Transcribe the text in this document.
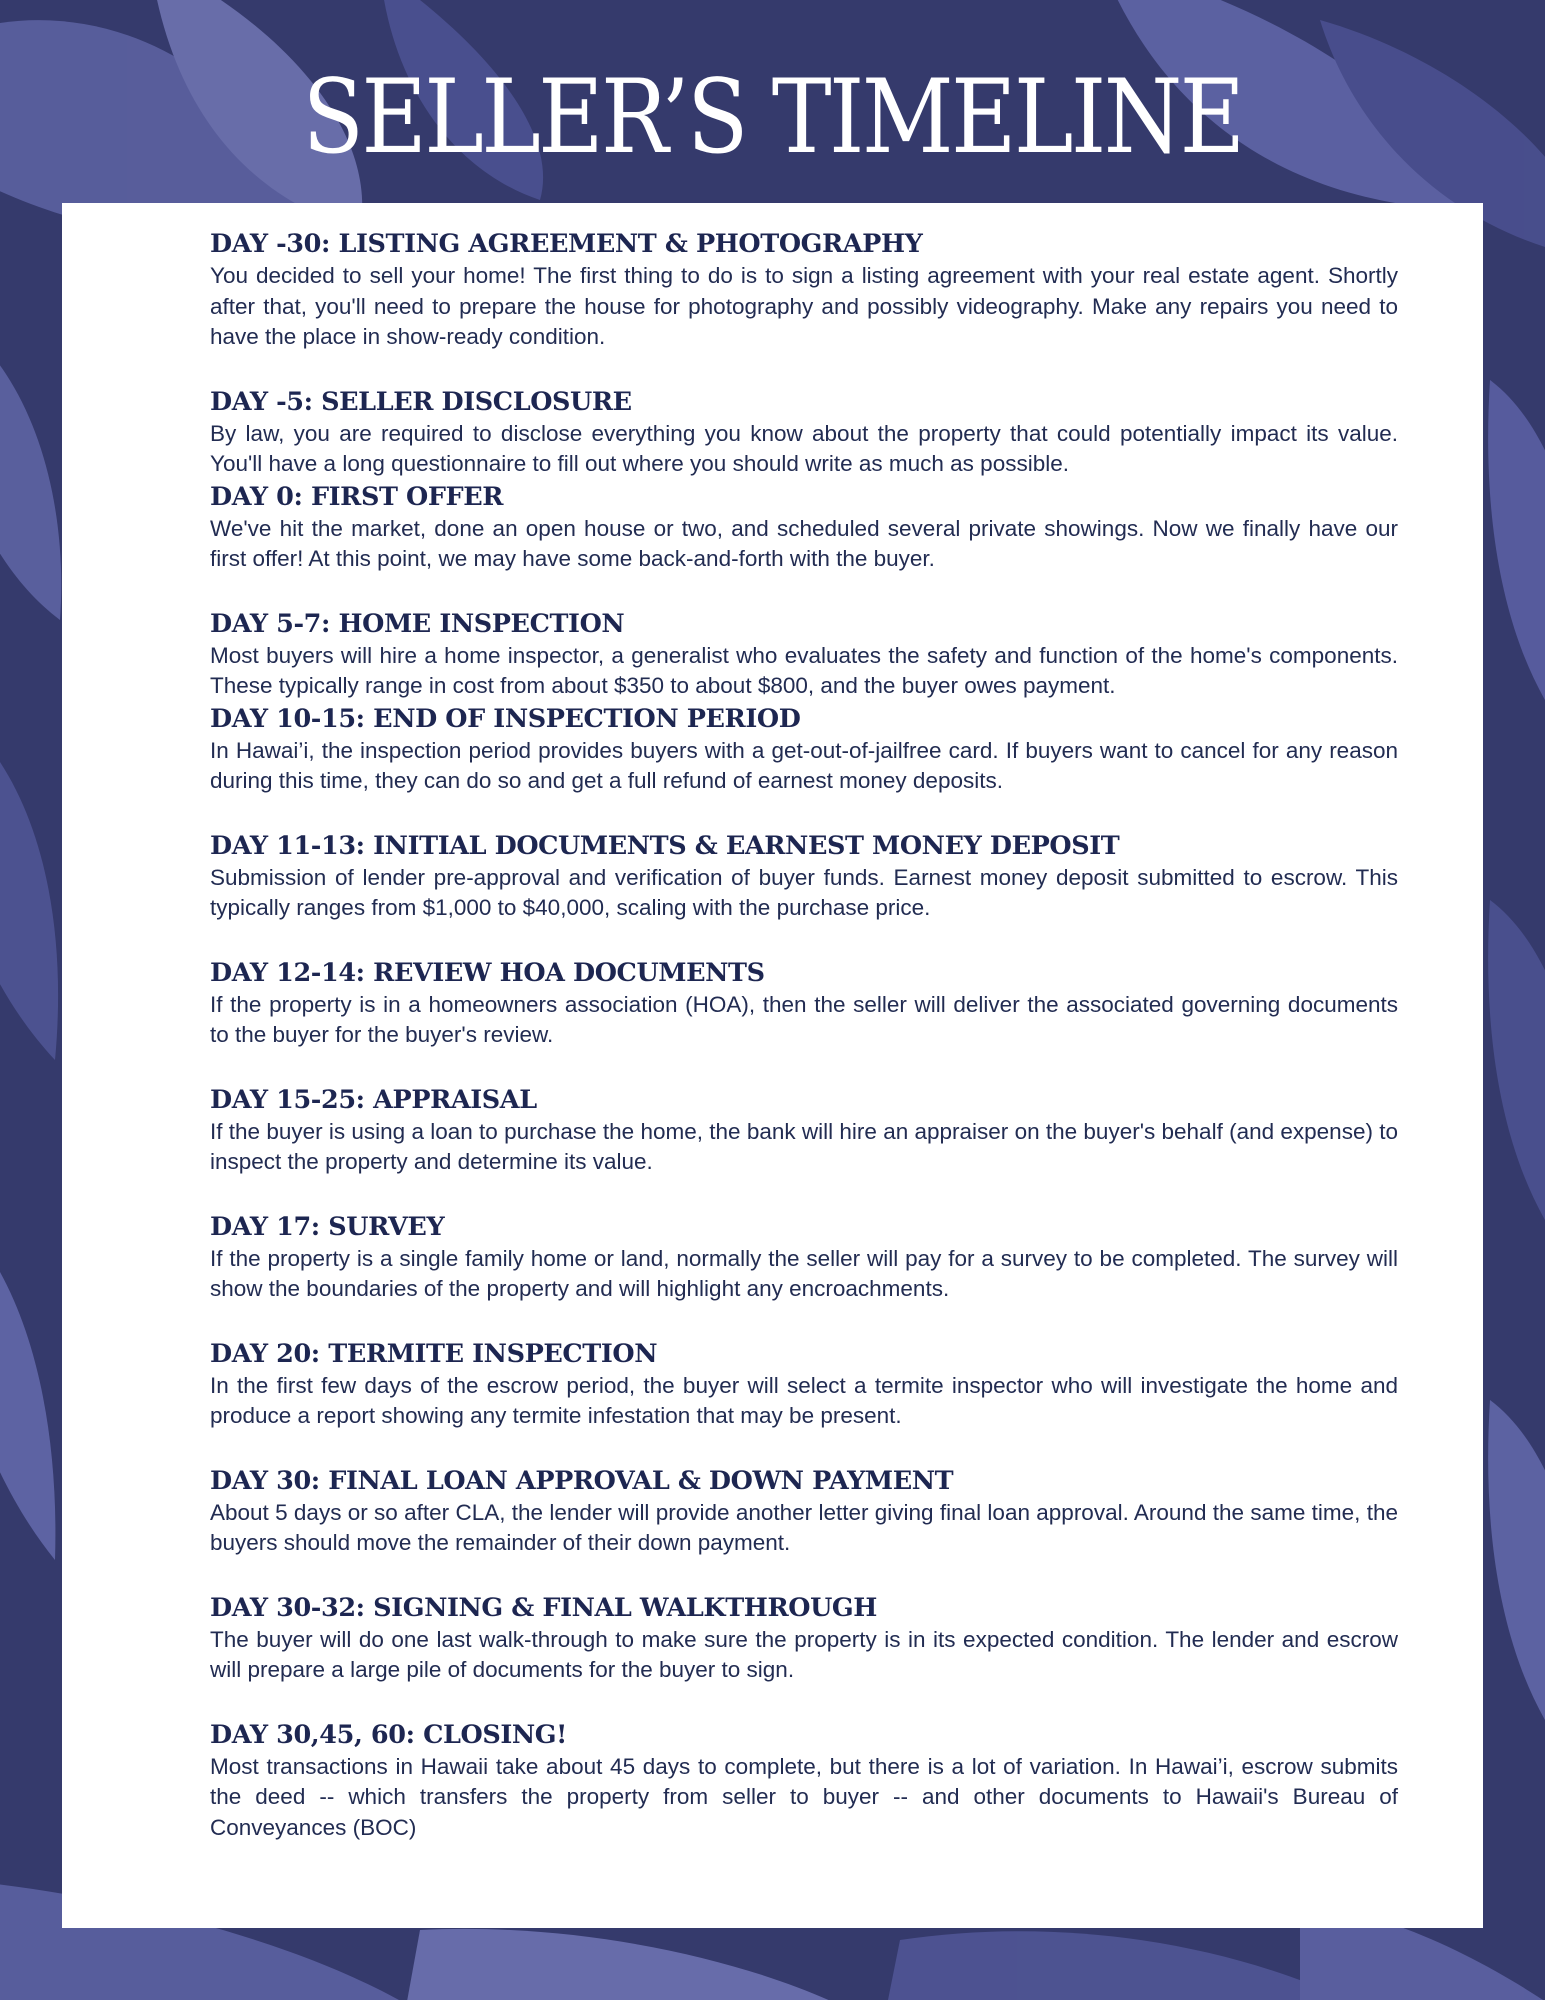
SELLER’S TIMELINE
DAY -30: LISTING AGREEMENT & PHOTOGRAPHY

You decided to sell your home! The first thing to do is to sign a listing agreement with your real estate agent. Shortly after that, you'll need to prepare the house for photography and possibly videography. Make any repairs you need to have the place in show-ready condition.

DAY -5: SELLER DISCLOSURE

By law, you are required to disclose everything you know about the property that could potentially impact its value. You'll have a long questionnaire to fill out where you should write as much as possible.

DAY 0: FIRST OFFER

We've hit the market, done an open house or two, and scheduled several private showings. Now we finally have our first offer! At this point, we may have some back-and-forth with the buyer.

DAY 5-7: HOME INSPECTION

Most buyers will hire a home inspector, a generalist who evaluates the safety and function of the home's components. These typically range in cost from about $350 to about $800, and the buyer owes payment.

DAY 10-15: END OF INSPECTION PERIOD

In Hawai’i, the inspection period provides buyers with a get-out-of-jailfree card. If buyers want to cancel for any reason during this time, they can do so and get a full refund of earnest money deposits.

DAY 11-13: INITIAL DOCUMENTS & EARNEST MONEY DEPOSIT

Submission of lender pre-approval and verification of buyer funds. Earnest money deposit submitted to escrow. This typically ranges from $1,000 to $40,000, scaling with the purchase price.

DAY 12-14: REVIEW HOA DOCUMENTS

If the property is in a homeowners association (HOA), then the seller will deliver the associated governing documents to the buyer for the buyer's review.

DAY 15-25: APPRAISAL

If the buyer is using a loan to purchase the home, the bank will hire an appraiser on the buyer's behalf (and expense) to inspect the property and determine its value.

DAY 17: SURVEY

If the property is a single family home or land, normally the seller will pay for a survey to be completed. The survey will show the boundaries of the property and will highlight any encroachments.

DAY 20: TERMITE INSPECTION

In the first few days of the escrow period, the buyer will select a termite inspector who will investigate the home and produce a report showing any termite infestation that may be present.

DAY 30: FINAL LOAN APPROVAL & DOWN PAYMENT

About 5 days or so after CLA, the lender will provide another letter giving final loan approval. Around the same time, the buyers should move the remainder of their down payment.

DAY 30-32: SIGNING & FINAL WALKTHROUGH

The buyer will do one last walk-through to make sure the property is in its expected condition. The lender and escrow will prepare a large pile of documents for the buyer to sign.

DAY 30,45, 60: CLOSING!

Most transactions in Hawaii take about 45 days to complete, but there is a lot of variation. In Hawai’i, escrow submits the deed -- which transfers the property from seller to buyer -- and other documents to Hawaii's Bureau of Conveyances (BOC)
